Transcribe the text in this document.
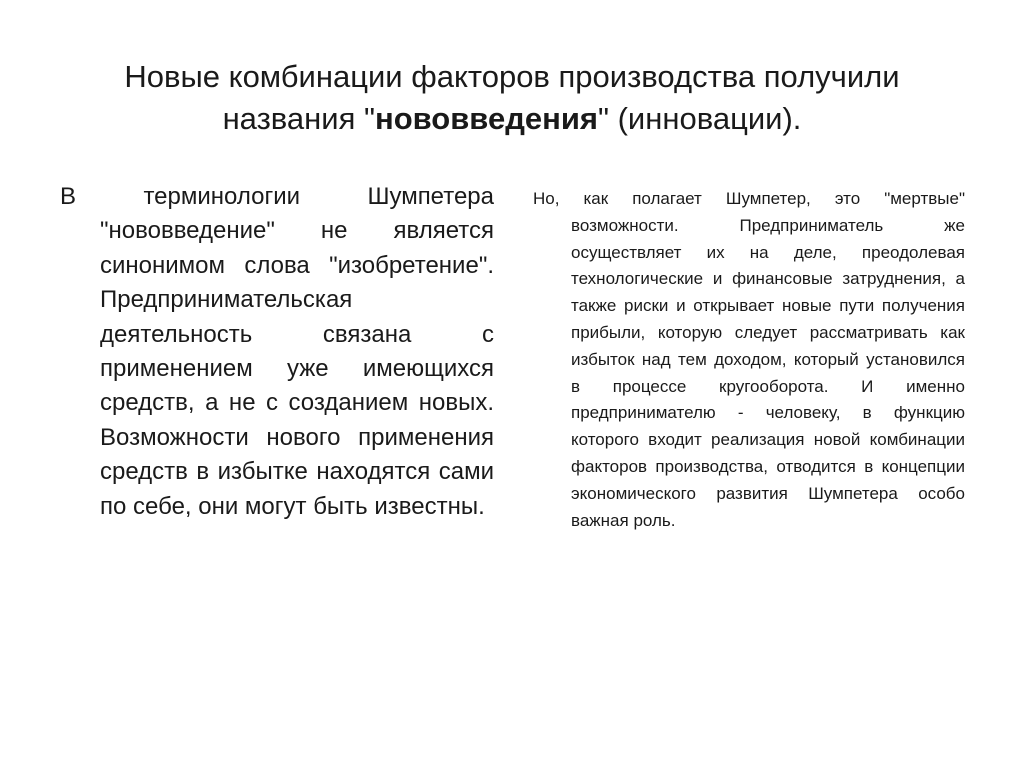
Новые комбинации факторов производства получили
названия "нововведения" (инновации).
В терминологии Шумпетера "нововведение" не является синонимом слова "изобретение". Предпринимательская деятельность связана с применением уже имеющихся средств, а не с созданием новых. Возможности нового применения средств в избытке находятся сами по себе, они могут быть известны.
Но, как полагает Шумпетер, это "мертвые" возможности. Предприниматель же осуществляет их на деле, преодолевая технологические и финансовые затруднения, а также риски и открывает новые пути получения прибыли, которую следует рассматривать как избыток над тем доходом, который установился в процессе кругооборота. И именно предпринимателю - человеку, в функцию которого входит реализация новой комбинации факторов производства, отводится в концепции экономического развития Шумпетера особо важная роль.
